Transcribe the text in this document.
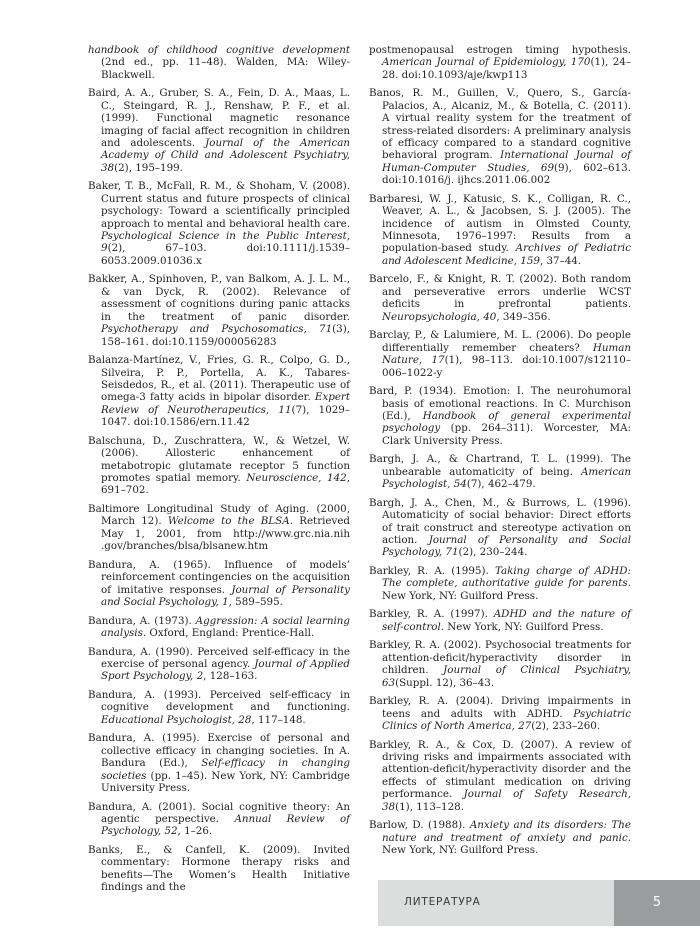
handbook of childhood cognitive development (2nd ed., pp. 11–48). Walden, MA: Wiley-Blackwell.

Baird, A. A., Gruber, S. A., Fein, D. A., Maas, L. C., Steingard, R. J., Renshaw, P. F., et al. (1999). Functional magnetic resonance imaging of facial affect recognition in children and adolescents. Journal of the American Academy of Child and Adolescent Psychiatry, 38(2), 195–199.

Baker, T. B., McFall, R. M., & Shoham, V. (2008). Current status and future prospects of clinical psychology: Toward a scientifically principled approach to mental and behavioral health care. Psychological Science in the Public Interest, 9(2), 67–103. doi:10.1111/j.1539–6053.2009.01036.x

Bakker, A., Spinhoven, P., van Balkom, A. J. L. M., & van Dyck, R. (2002). Relevance of assessment of cognitions during panic attacks in the treatment of panic disorder. Psychotherapy and Psychosomatics, 71(3), 158–161. doi:10.1159/000056283

Balanza-Martínez, V., Fries, G. R., Colpo, G. D., Silveira, P. P., Portella, A. K., Tabares-Seisdedos, R., et al. (2011). Therapeutic use of omega-3 fatty acids in bipolar disorder. Expert Review of Neurotherapeutics, 11(7), 1029–1047. doi:10.1586/ern.11.42

Balschuna, D., Zuschrattera, W., & Wetzel, W. (2006). Allosteric enhancement of metabotropic glutamate receptor 5 function promotes spatial memory. Neuroscience, 142, 691–702.

Baltimore Longitudinal Study of Aging. (2000, March 12). Welcome to the BLSA. Retrieved May 1, 2001, from http://www.grc.nia.nih .gov/branches/blsa/blsanew.htm

Bandura, A. (1965). Influence of models’ reinforcement contingencies on the acquisition of imitative responses. Journal of Personality and Social Psychology, 1, 589–595.

Bandura, A. (1973). Aggression: A social learning analysis. Oxford, England: Prentice-Hall.

Bandura, A. (1990). Perceived self-efficacy in the exercise of personal agency. Journal of Applied Sport Psychology, 2, 128–163.

Bandura, A. (1993). Perceived self-efficacy in cognitive development and functioning. Educational Psychologist, 28, 117–148.

Bandura, A. (1995). Exercise of personal and collective efficacy in changing societies. In A. Bandura (Ed.), Self-efficacy in changing societies (pp. 1–45). New York, NY: Cambridge University Press.

Bandura, A. (2001). Social cognitive theory: An agentic perspective. Annual Review of Psychology, 52, 1–26.

Banks, E., & Canfell, K. (2009). Invited commentary: Hormone therapy risks and benefits—The Women’s Health Initiative findings and the

postmenopausal estrogen timing hypothesis. American Journal of Epidemiology, 170(1), 24–28. doi:10.1093/aje/kwp113

Banos, R. M., Guillen, V., Quero, S., García-Palacios, A., Alcaniz, M., & Botella, C. (2011). A virtual reality system for the treatment of stress-related disorders: A preliminary analysis of efficacy compared to a standard cognitive behavioral program. International Journal of Human-Computer Studies, 69(9), 602–613. doi:10.1016/j. ijhcs.2011.06.002

Barbaresi, W. J., Katusic, S. K., Colligan, R. C., Weaver, A. L., & Jacobsen, S. J. (2005). The incidence of autism in Olmsted County, Minnesota, 1976–1997: Results from a population-based study. Archives of Pediatric and Adolescent Medicine, 159, 37–44.

Barcelo, F., & Knight, R. T. (2002). Both random and perseverative errors underlie WCST deficits in prefrontal patients. Neuropsychologia, 40, 349–356.

Barclay, P., & Lalumiere, M. L. (2006). Do people differentially remember cheaters? Human Nature, 17(1), 98–113. doi:10.1007/s12110–006–1022-y

Bard, P. (1934). Emotion: I. The neurohumoral basis of emotional reactions. In C. Murchison (Ed.), Handbook of general experimental psychology (pp. 264–311). Worcester, MA: Clark University Press.

Bargh, J. A., & Chartrand, T. L. (1999). The unbearable automaticity of being. American Psychologist, 54(7), 462–479.

Bargh, J. A., Chen, M., & Burrows, L. (1996). Automaticity of social behavior: Direct efforts of trait construct and stereotype activation on action. Journal of Personality and Social Psychology, 71(2), 230–244.

Barkley, R. A. (1995). Taking charge of ADHD: The complete, authoritative guide for parents. New York, NY: Guilford Press.

Barkley, R. A. (1997). ADHD and the nature of self-control. New York, NY: Guilford Press.

Barkley, R. A. (2002). Psychosocial treatments for attention-deficit/hyperactivity disorder in children. Journal of Clinical Psychiatry, 63(Suppl. 12), 36–43.

Barkley, R. A. (2004). Driving impairments in teens and adults with ADHD. Psychiatric Clinics of North America, 27(2), 233–260.

Barkley, R. A., & Cox, D. (2007). A review of driving risks and impairments associated with attention-deficit/hyperactivity disorder and the effects of stimulant medication on driving performance. Journal of Safety Research, 38(1), 113–128.

Barlow, D. (1988). Anxiety and its disorders: The nature and treatment of anxiety and panic. New York, NY: Guilford Press.

ЛИТЕРАТУРА	5
